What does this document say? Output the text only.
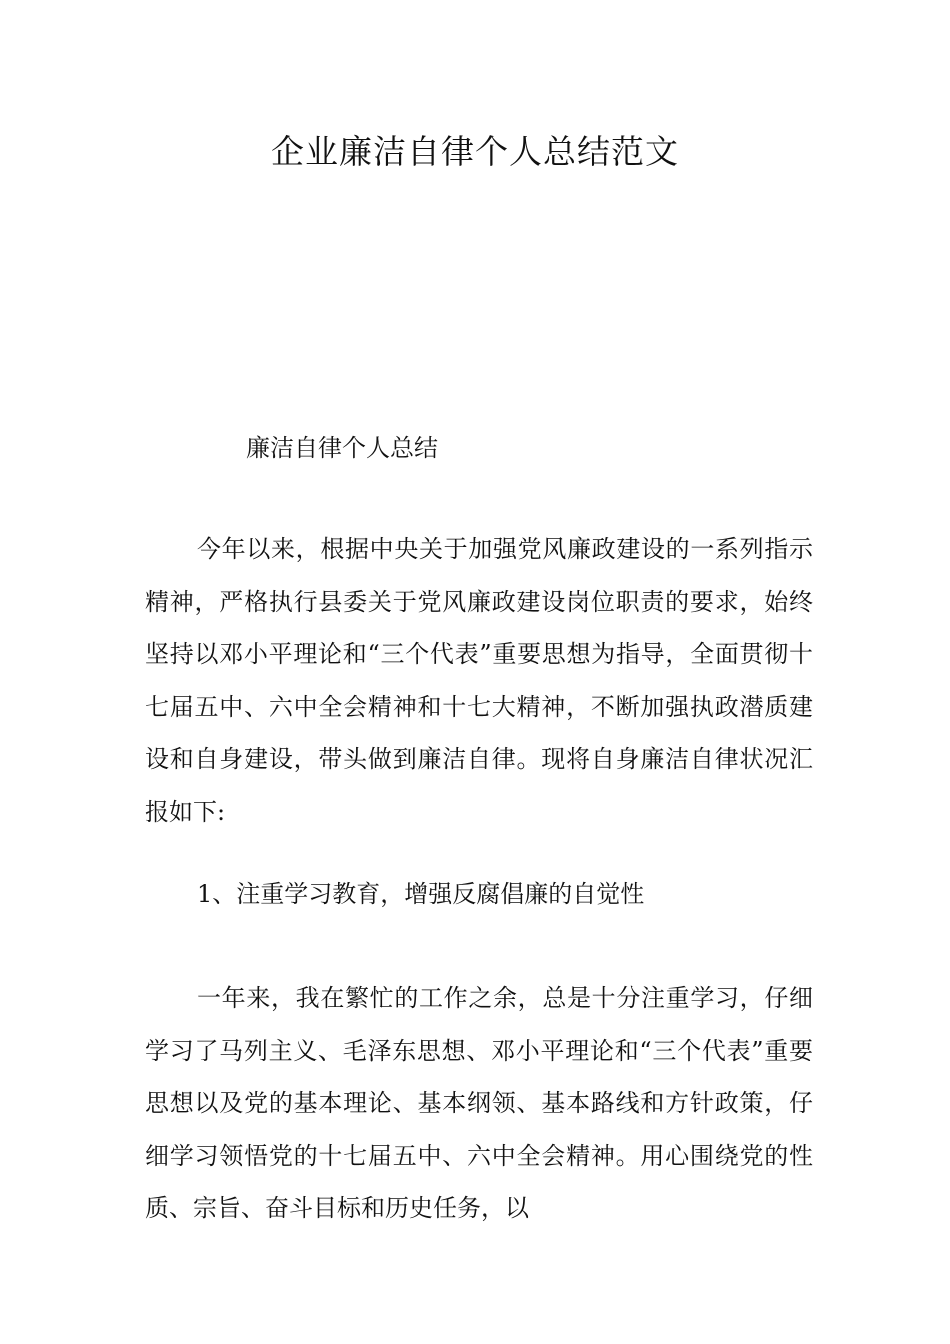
企业廉洁自律个人总结范文

廉洁自律个人总结

今年以来，根据中央关于加强党风廉政建设的一系列指示精神，严格执行县委关于党风廉政建设岗位职责的要求，始终坚持以邓小平理论和“三个代表”重要思想为指导，全面贯彻十七届五中、六中全会精神和十七大精神，不断加强执政潜质建设和自身建设，带头做到廉洁自律。现将自身廉洁自律状况汇报如下:

1、注重学习教育，增强反腐倡廉的自觉性

一年来，我在繁忙的工作之余，总是十分注重学习，仔细学习了马列主义、毛泽东思想、邓小平理论和“三个代表”重要思想以及党的基本理论、基本纲领、基本路线和方针政策，仔细学习领悟党的十七届五中、六中全会精神。用心围绕党的性质、宗旨、奋斗目标和历史任务，以
